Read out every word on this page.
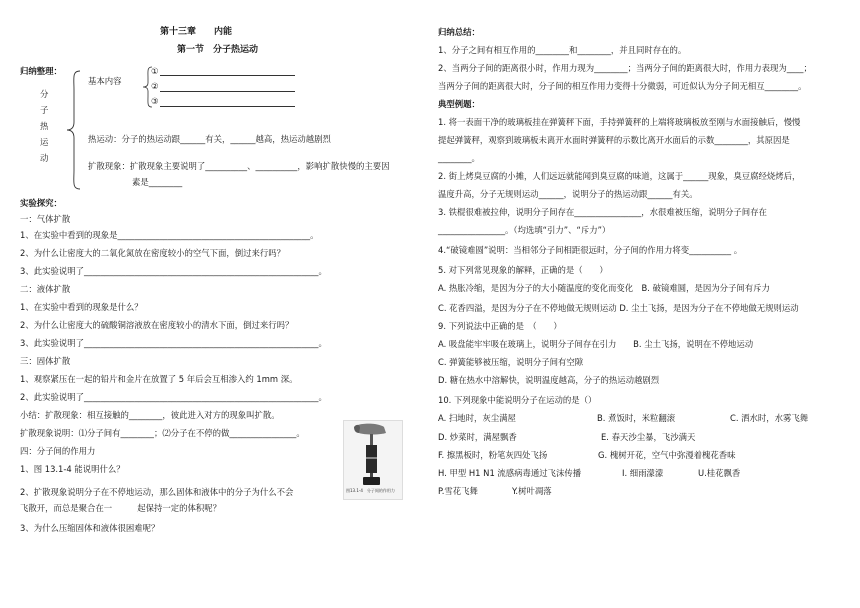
第十三章　　内能
第一节　分子热运动
归纳整理：
分
子
热
运
动
基本内容
①
②
③
热运动：分子的热运动跟______有关，______越高，热运动越剧烈
扩散现象：扩散现象主要说明了__________、__________，影响扩散快慢的主要因
素是________
实验探究：
一：气体扩散
1、在实验中看到的现象是______________________________________________。
2、为什么让密度大的二氧化氮放在密度较小的空气下面，倒过来行吗？
3、此实验说明了________________________________________________________。
二：液体扩散
1、在实验中看到的现象是什么？
2、为什么让密度大的硫酸铜溶液放在密度较小的清水下面，倒过来行吗？
3、此实验说明了________________________________________________________。
三：固体扩散
1、观察紧压在一起的铅片和金片在放置了 5 年后会互相渗入约 1mm 深。
2、此实验说明了________________________________________________________。
小结：扩散现象：相互接触的________，彼此进入对方的现象叫扩散。
扩散现象说明：⑴分子间有________；⑵分子在不停的做________________。
四：分子间的作用力
1、图 13.1-4 能说明什么？
2、扩散现象说明分子在不停地运动，那么固体和液体中的分子为什么不会
飞散开，而总是聚合在一　　　起保持一定的体积呢？
3、为什么压缩固体和液体很困难呢？
图13.1-4　分子间的作用力
归纳总结：
1、分子之间有相互作用的________和________，并且同时存在的。
2、当两分子间的距离很小时，作用力现为________；当两分子间的距离很大时，作用力表现为____；
当两分子间的距离很大时，分子间的相互作用力变得十分微弱，可近似认为分子间无相互________。
典型例题：
1. 将一表面干净的玻璃板挂在弹簧秤下面，手持弹簧秤的上端将玻璃板放至刚与水面接触后，慢慢
提起弹簧秤，观察到玻璃板未离开水面时弹簧秤的示数比离开水面后的示数________，其原因是
________。
2. 街上烤臭豆腐的小摊，人们远远就能闻到臭豆腐的味道，这属于______现象，臭豆腐经烧烤后，
温度升高，分子无规则运动______，说明分子的热运动跟______有关。
3. 铁棍很难被拉伸，说明分子间存在________________，水很难被压缩，说明分子间存在
________________。（均选填“引力”、“斥力”）
4.“破镜难圆”说明：当相邻分子间相距很远时，分子间的作用力将变__________ 。
5. 对下列常见现象的解释，正确的是（　　）
A. 热胀冷缩，是因为分子的大小随温度的变化而变化　B. 破镜难圆，是因为分子间有斥力
C. 花香四溢，是因为分子在不停地做无规则运动 D. 尘土飞扬，是因为分子在不停地做无规则运动
9. 下列说法中正确的是　（　　）
A. 吸盘能牢牢吸在玻璃上，说明分子间存在引力　　B. 尘土飞扬，说明在不停地运动
C. 弹簧能够被压缩，说明分子间有空隙
D. 糖在热水中溶解快，说明温度越高，分子的热运动越剧烈
10. 下列现象中能说明分子在运动的是（）
A. 扫地时，灰尘满屋	B. 煮饭时，米粒翻滚	C. 洒水时，水雾飞舞
D. 炒菜时，满屋飘香	E. 春天沙尘暴，飞沙满天
F. 擦黑板时，粉笔灰四处飞扬	G. 槐树开花，空气中弥漫着槐花香味
H. 甲型 H1 N1 流感病毒通过飞沫传播	I. 细雨濛濛	U.桂花飘香
P.雪花飞舞	Y.树叶凋落
